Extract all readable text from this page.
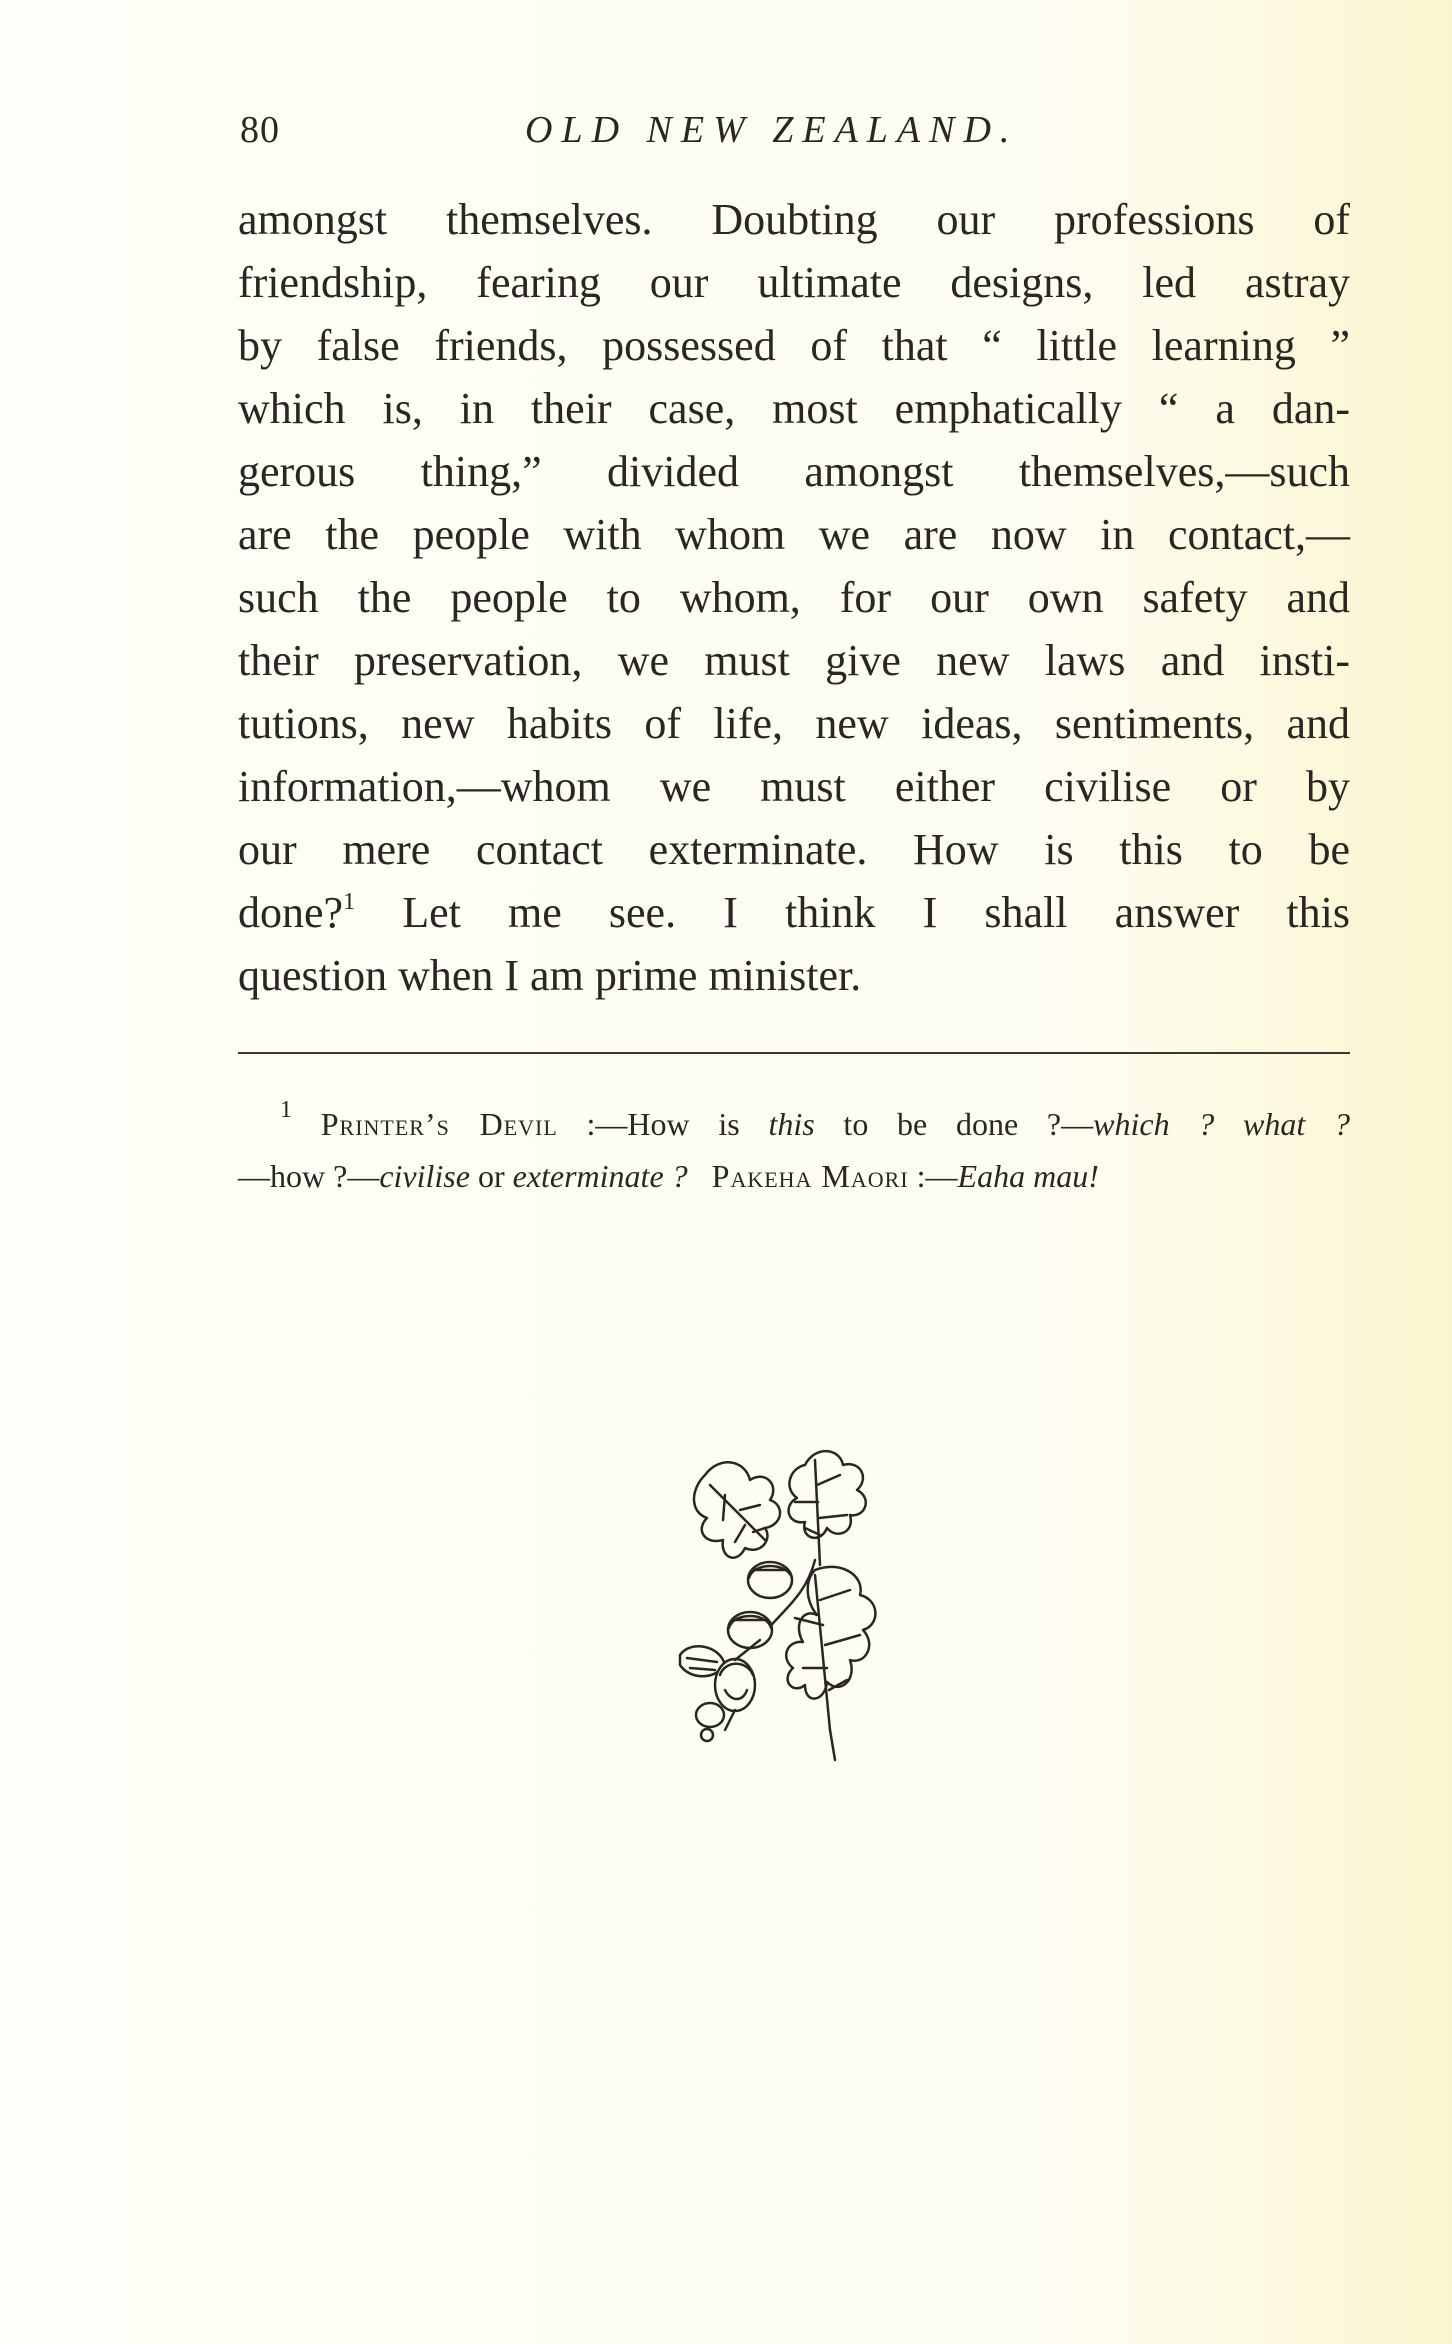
80	OLD NEW ZEALAND.
amongst themselves. Doubting our professions of
friendship, fearing our ultimate designs, led astray
by false friends, possessed of that “ little learning ”
which is, in their case, most emphatically “ a dan-
gerous thing,” divided amongst themselves,—such
are the people with whom we are now in contact,—
such the people to whom, for our own safety and
their preservation, we must give new laws and insti-
tutions, new habits of life, new ideas, sentiments, and
information,—whom we must either civilise or by
our mere contact exterminate. How is this to be
done?$^1$ Let me see. I think I shall answer this
question when I am prime minister.
$^1$ Printer’s Devil :—How is this to be done ?—which ? what ?
—how ?—civilise or exterminate ? Pakeha Maori :—Eaha mau!
